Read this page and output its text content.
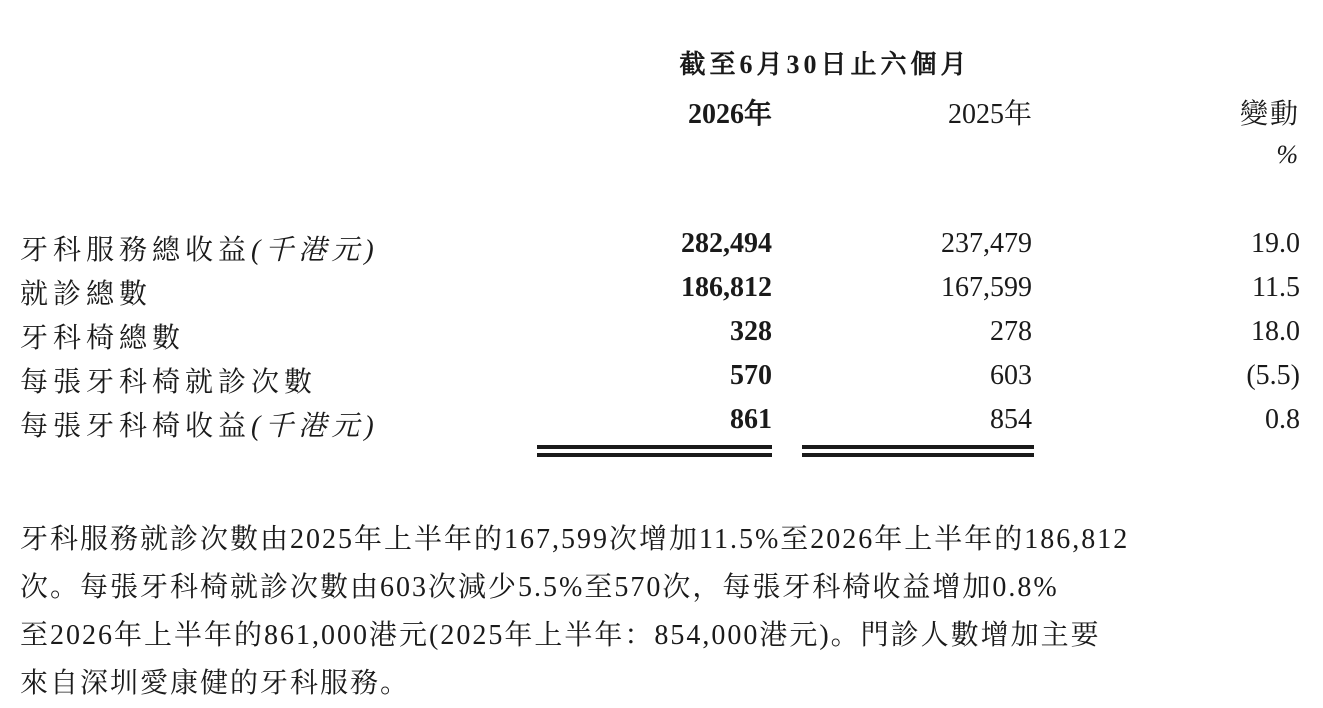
截至6月30日止六個月
2026年	2025年	變動
%
牙科服務總收益(千港元)	282,494	237,479	19.0
就診總數	186,812	167,599	11.5
牙科椅總數	328	278	18.0
每張牙科椅就診次數	570	603	(5.5)
每張牙科椅收益(千港元)	861	854	0.8
牙科服務就診次數由2025年上半年的167,599次增加11.5%至2026年上半年的186,812
次。每張牙科椅就診次數由603次減少5.5%至570次，每張牙科椅收益增加0.8%
至2026年上半年的861,000港元(2025年上半年：854,000港元)。門診人數增加主要
來自深圳愛康健的牙科服務。
